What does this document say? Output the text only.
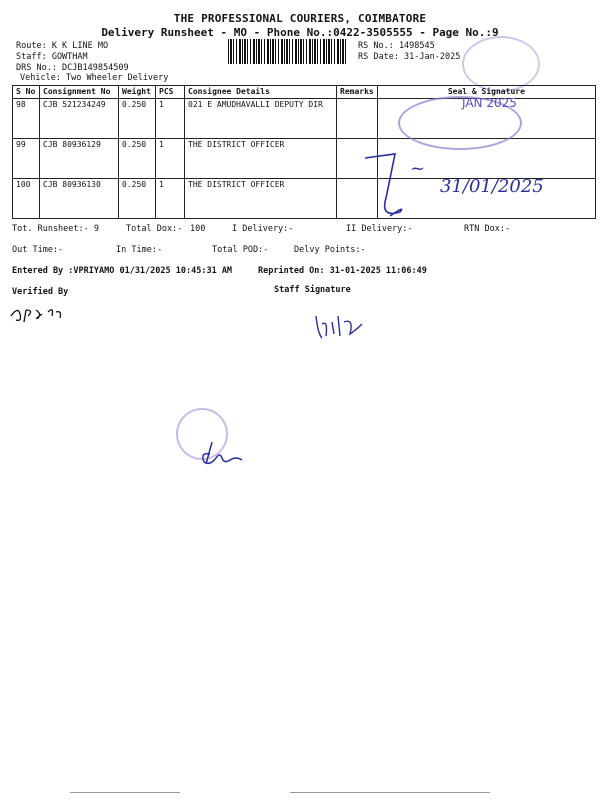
THE PROFESSIONAL COURIERS, COIMBATORE
Delivery Runsheet - MO - Phone No.:0422-3505555 - Page No.:9
Route: K K LINE MO
Staff: GOWTHAM
DRS No.: DCJB149854509
Vehicle: Two Wheeler Delivery
RS No.: 1498545
RS Date: 31-Jan-2025
S No	Consignment No	Weight	PCS	Consignee Details	Remarks	Seal & Signature
98	CJB 521234249	0.250	1	021 E AMUDHAVALLI DEPUTY DIR		
99	CJB 80936129	0.250	1	THE DISTRICT OFFICER		
100	CJB 80936130	0.250	1	THE DISTRICT OFFICER		
JAN 2025
~
31/01/2025
Tot. Runsheet:- 9	Total Dox:- 100	I Delivery:-	II Delivery:-	RTN Dox:-
Out Time:-	In Time:-	Total POD:-	Delvy Points:-
Entered By :VPRIYAMO 01/31/2025 10:45:31 AM	Reprinted On: 31-01-2025 11:06:49
Verified By	Staff Signature
